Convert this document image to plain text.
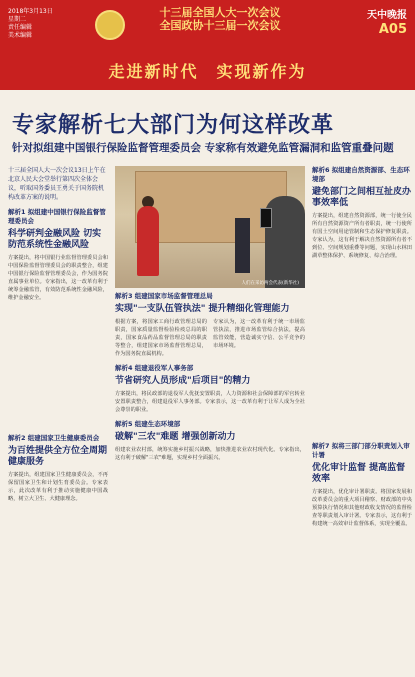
2018年3月13日
星期二
责任编辑
美术编辑
十三届全国人大一次会议
全国政协十三届一次会议
天中晚报
A05
走进新时代　实现新作为
专家解析七大部门为何这样改革
针对拟组建中国银行保险监督管理委员会 专家称有效避免监管漏洞和监管重叠问题
十三届全国人大一次会议13日上午在北京人民大会堂举行第四次全体会议，听取国务委员王勇关于国务院机构改革方案的说明。
解析1 拟组建中国银行保险监督管理委员会
科学研判金融风险 切实防范系统性金融风险
方案提出，将中国银行业监督管理委员会和中国保险监督管理委员会的职责整合，组建中国银行保险监督管理委员会，作为国务院直属事业单位。专家指出，这一改革有利于统筹金融监管，有效防范系统性金融风险，维护金融安全。
解析2 组建国家卫生健康委员会
为百姓提供全方位全周期健康服务
方案提出，组建国家卫生健康委员会，不再保留国家卫生和计划生育委员会。专家表示，此次改革有利于推动实施健康中国战略，树立大卫生、大健康理念。
人们在采访两会代表(新华社)
解析3 组建国家市场监督管理总局
实现"一支队伍管执法" 提升精细化管理能力
根据方案，将国家工商行政管理总局的职责，国家质量监督检验检疫总局的职责，国家食品药品监督管理总局的职责等整合，组建国家市场监督管理总局，作为国务院直属机构。
专家认为，这一改革有利于统一市场监管执法，推进市场监管综合执法，提高监管效能，营造诚实守信、公平竞争的市场环境。
解析4 组建退役军人事务部
节省研究人员形成"后项目"的精力
方案提出，将民政部的退役军人优抚安置职责，人力资源和社会保障部的军官转业安置职责整合，组建退役军人事务部。专家表示，这一改革有利于让军人成为全社会尊崇的职业。
解析5 组建生态环境部
破解"三农"难题 增强创新动力
组建农业农村部，统筹实施乡村振兴战略，加快推进农业农村现代化。专家指出，这有利于破解"三农"难题，实现乡村全面振兴。
解析6 拟组建自然资源部、生态环境部
避免部门之间相互扯皮办事效率低
方案提出，组建自然资源部，统一行使全民所有自然资源资产所有者职责，统一行使所有国土空间用途管制和生态保护修复职责。专家认为，这有利于解决自然资源所有者不到位、空间规划重叠等问题，实现山水林田湖草整体保护、系统修复、综合治理。
解析7 拟将三部门部分职责划入审计署
优化审计监督 提高监督效率
方案提出，优化审计署职责。将国家发展和改革委员会的重大项目稽察、财政部的中央预算执行情况和其他财政收支情况的监督检查等职责划入审计署。专家表示，这有利于构建统一高效审计监督体系，实现全覆盖。
